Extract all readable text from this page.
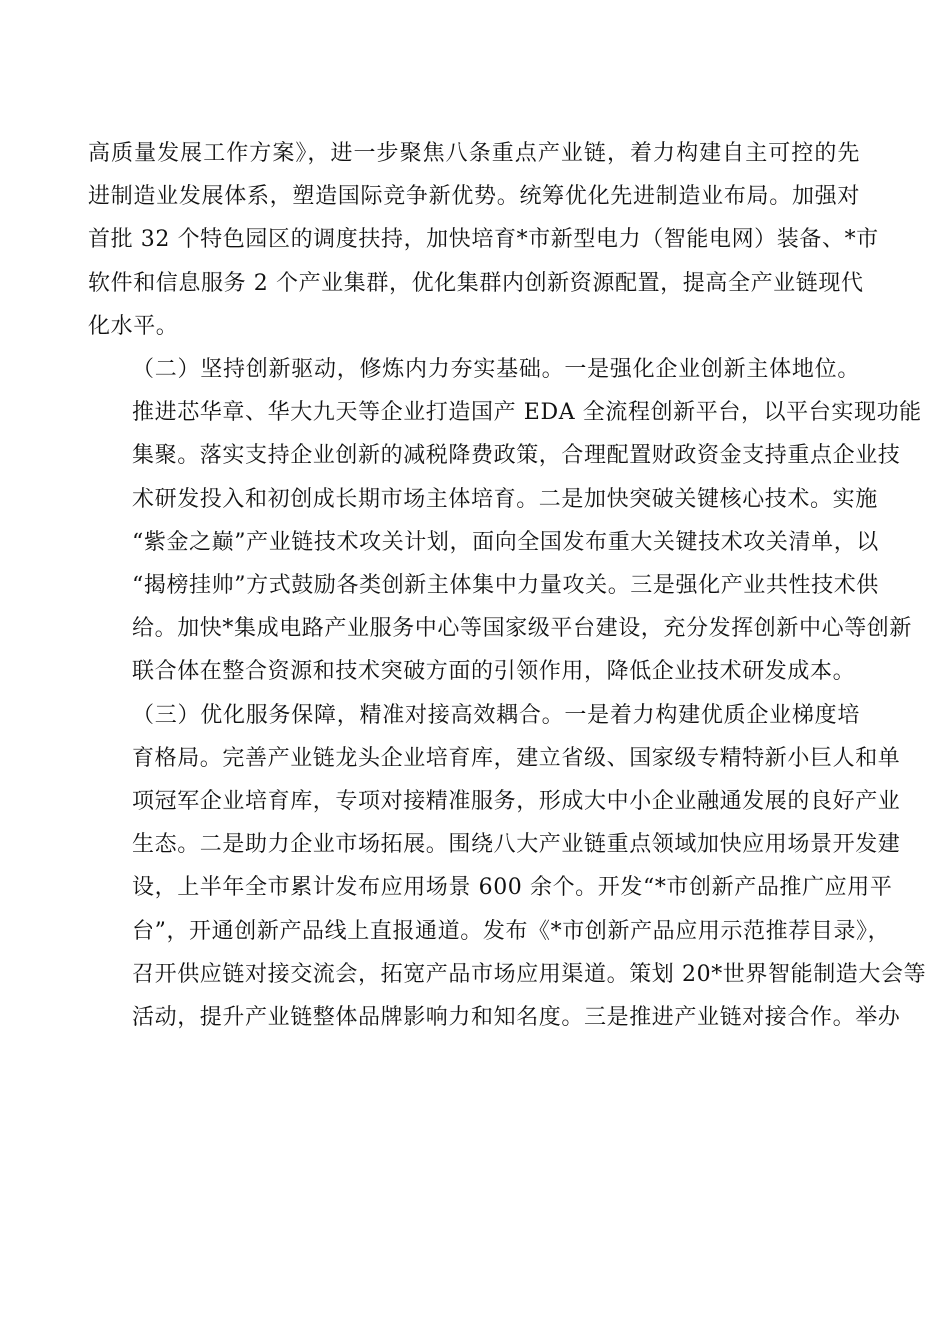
高质量发展工作方案》，进一步聚焦八条重点产业链，着力构建自主可控的先
进制造业发展体系，塑造国际竞争新优势。统筹优化先进制造业布局。加强对
首批 32 个特色园区的调度扶持，加快培育*市新型电力（智能电网）装备、*市
软件和信息服务 2 个产业集群，优化集群内创新资源配置，提高全产业链现代
化水平。

（二）坚持创新驱动，修炼内力夯实基础。一是强化企业创新主体地位。
推进芯华章、华大九天等企业打造国产 EDA 全流程创新平台，以平台实现功能
集聚。落实支持企业创新的减税降费政策，合理配置财政资金支持重点企业技
术研发投入和初创成长期市场主体培育。二是加快突破关键核心技术。实施
“紫金之巅”产业链技术攻关计划，面向全国发布重大关键技术攻关清单，以
“揭榜挂帅”方式鼓励各类创新主体集中力量攻关。三是强化产业共性技术供
给。加快*集成电路产业服务中心等国家级平台建设，充分发挥创新中心等创新
联合体在整合资源和技术突破方面的引领作用，降低企业技术研发成本。

（三）优化服务保障，精准对接高效耦合。一是着力构建优质企业梯度培
育格局。完善产业链龙头企业培育库，建立省级、国家级专精特新小巨人和单
项冠军企业培育库，专项对接精准服务，形成大中小企业融通发展的良好产业
生态。二是助力企业市场拓展。围绕八大产业链重点领域加快应用场景开发建
设，上半年全市累计发布应用场景 600 余个。开发“*市创新产品推广应用平
台”，开通创新产品线上直报通道。发布《*市创新产品应用示范推荐目录》，
召开供应链对接交流会，拓宽产品市场应用渠道。策划 20*世界智能制造大会等
活动，提升产业链整体品牌影响力和知名度。三是推进产业链对接合作。举办
